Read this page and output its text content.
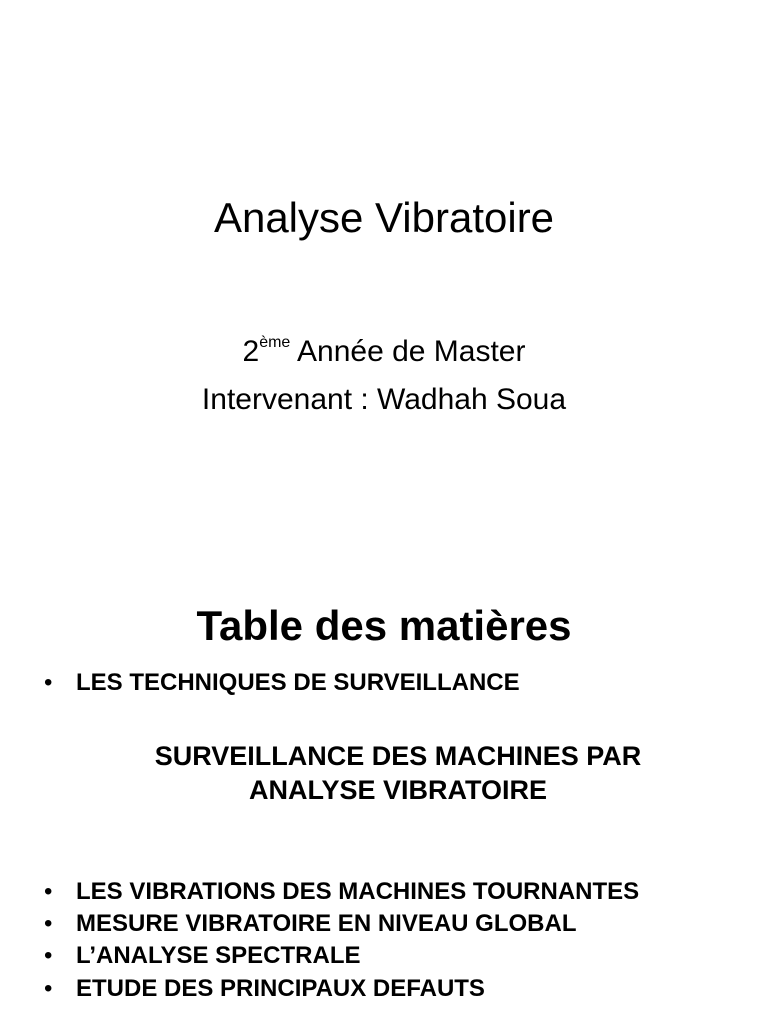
Analyse Vibratoire

2ème Année de Master

Intervenant : Wadhah Soua

Table des matières
• LES TECHNIQUES DE SURVEILLANCE
SURVEILLANCE DES MACHINES PAR
ANALYSE VIBRATOIRE
• LES VIBRATIONS DES MACHINES TOURNANTES
• MESURE VIBRATOIRE EN NIVEAU GLOBAL
• L’ANALYSE SPECTRALE
• ETUDE DES PRINCIPAUX DEFAUTS
